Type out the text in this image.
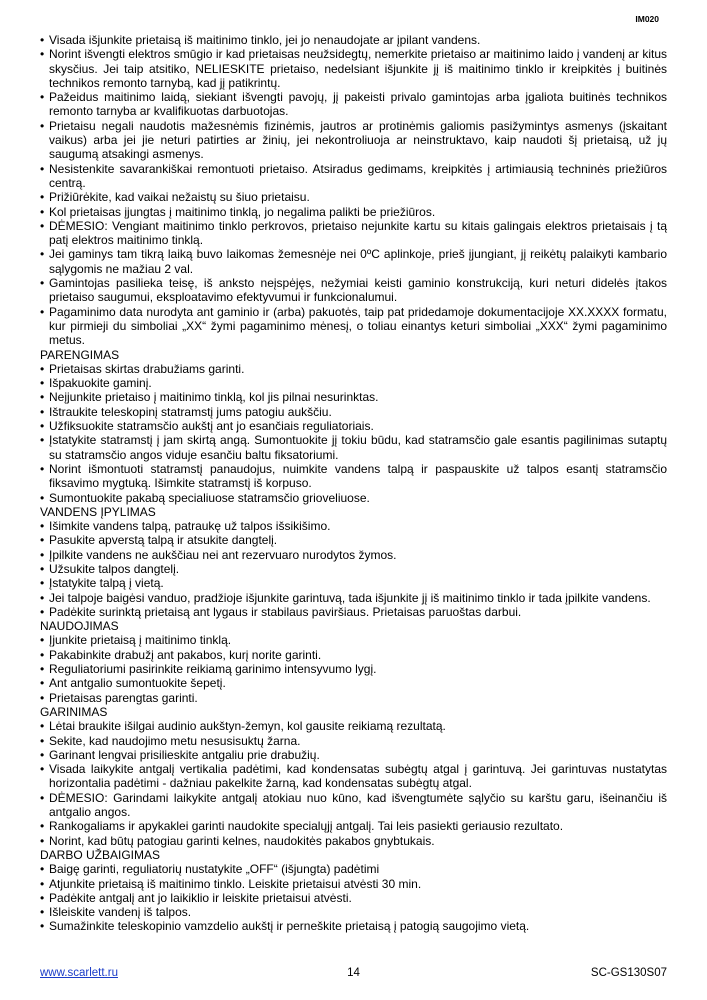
IM020
• Visada išjunkite prietaisą iš maitinimo tinklo, jei jo nenaudojate ar įpilant vandens.
• Norint išvengti elektros smūgio ir kad prietaisas neužsidegtų, nemerkite prietaiso ar maitinimo laido į vandenį ar kitus skysčius. Jei taip atsitiko, NELIESKITE prietaiso, nedelsiant išjunkite jį iš maitinimo tinklo ir kreipkitės į buitinės technikos remonto tarnybą, kad jį patikrintų.
• Pažeidus maitinimo laidą, siekiant išvengti pavojų, jį pakeisti privalo gamintojas arba įgaliota buitinės technikos remonto tarnyba ar kvalifikuotas darbuotojas.
• Prietaisu negali naudotis mažesnėmis fizinėmis, jautros ar protinėmis galiomis pasižymintys asmenys (įskaitant vaikus) arba jei jie neturi patirties ar žinių, jei nekontroliuoja ar neinstruktavo, kaip naudoti šį prietaisą, už jų saugumą atsakingi asmenys.
• Nesistenkite savarankiškai remontuoti prietaiso. Atsiradus gedimams, kreipkitės į artimiausią techninės priežiūros centrą.
• Prižiūrėkite, kad vaikai nežaistų su šiuo prietaisu.
• Kol prietaisas įjungtas į maitinimo tinklą, jo negalima palikti be priežiūros.
• DĖMESIO: Vengiant maitinimo tinklo perkrovos, prietaiso nejunkite kartu su kitais galingais elektros prietaisais į tą patį elektros maitinimo tinklą.
• Jei gaminys tam tikrą laiką buvo laikomas žemesnėje nei 0ºC aplinkoje, prieš įjungiant, jį reikėtų palaikyti kambario sąlygomis ne mažiau 2 val.
• Gamintojas pasilieka teisę, iš anksto neįspėjęs, nežymiai keisti gaminio konstrukciją, kuri neturi didelės įtakos prietaiso saugumui, eksploatavimo efektyvumui ir funkcionalumui.
• Pagaminimo data nurodyta ant gaminio ir (arba) pakuotės, taip pat pridedamoje dokumentacijoje XX.XXXX formatu, kur pirmieji du simboliai „XX“ žymi pagaminimo mėnesį, o toliau einantys keturi simboliai „XXX“ žymi pagaminimo metus.
PARENGIMAS
• Prietaisas skirtas drabužiams garinti.
• Išpakuokite gaminį.
• Neįjunkite prietaiso į maitinimo tinklą, kol jis pilnai nesurinktas.
• Ištraukite teleskopinį statramstį jums patogiu aukščiu.
• Užfiksuokite statramsčio aukštį ant jo esančiais reguliatoriais.
• Įstatykite statramstį į jam skirtą angą. Sumontuokite jį tokiu būdu, kad statramsčio gale esantis pagilinimas sutaptų su statramsčio angos viduje esančiu baltu fiksatoriumi.
• Norint išmontuoti statramstį panaudojus, nuimkite vandens talpą ir paspauskite už talpos esantį statramsčio fiksavimo mygtuką. Išimkite statramstį iš korpuso.
• Sumontuokite pakabą specialiuose statramsčio grioveliuose.
VANDENS ĮPYLIMAS
• Išimkite vandens talpą, patraukę už talpos išsikišimo.
• Pasukite apverstą talpą ir atsukite dangtelį.
• Įpilkite vandens ne aukščiau nei ant rezervuaro nurodytos žymos.
• Užsukite talpos dangtelį.
• Įstatykite talpą į vietą.
• Jei talpoje baigėsi vanduo, pradžioje išjunkite garintuvą, tada išjunkite jį iš maitinimo tinklo ir tada įpilkite vandens.
• Padėkite surinktą prietaisą ant lygaus ir stabilaus paviršiaus. Prietaisas paruoštas darbui.
NAUDOJIMAS
• Įjunkite prietaisą į maitinimo tinklą.
• Pakabinkite drabužį ant pakabos, kurį norite garinti.
• Reguliatoriumi pasirinkite reikiamą garinimo intensyvumo lygį.
• Ant antgalio sumontuokite šepetį.
• Prietaisas parengtas garinti.
GARINIMAS
• Lėtai braukite išilgai audinio aukštyn-žemyn, kol gausite reikiamą rezultatą.
• Sekite, kad naudojimo metu nesusisuktų žarna.
• Garinant lengvai prisilieskite antgaliu prie drabužių.
• Visada laikykite antgalį vertikalia padėtimi, kad kondensatas subėgtų atgal į garintuvą. Jei garintuvas nustatytas horizontalia padėtimi - dažniau pakelkite žarną, kad kondensatas subėgtų atgal.
• DĖMESIO: Garindami laikykite antgalį atokiau nuo kūno, kad išvengtumėte sąlyčio su karštu garu, išeinančiu iš antgalio angos.
• Rankogaliams ir apykaklei garinti naudokite specialųjį antgalį. Tai leis pasiekti geriausio rezultato.
• Norint, kad būtų patogiau garinti kelnes, naudokitės pakabos gnybtukais.
DARBO UŽBAIGIMAS
• Baigę garinti, reguliatorių nustatykite „OFF“ (išjungta) padėtimi
• Atjunkite prietaisą iš maitinimo tinklo. Leiskite prietaisui atvėsti 30 min.
• Padėkite antgalį ant jo laikiklio ir leiskite prietaisui atvėsti.
• Išleiskite vandenį iš talpos.
• Sumažinkite teleskopinio vamzdelio aukštį ir perneškite prietaisą į patogią saugojimo vietą.
www.scarlett.ru	14	SC-GS130S07
